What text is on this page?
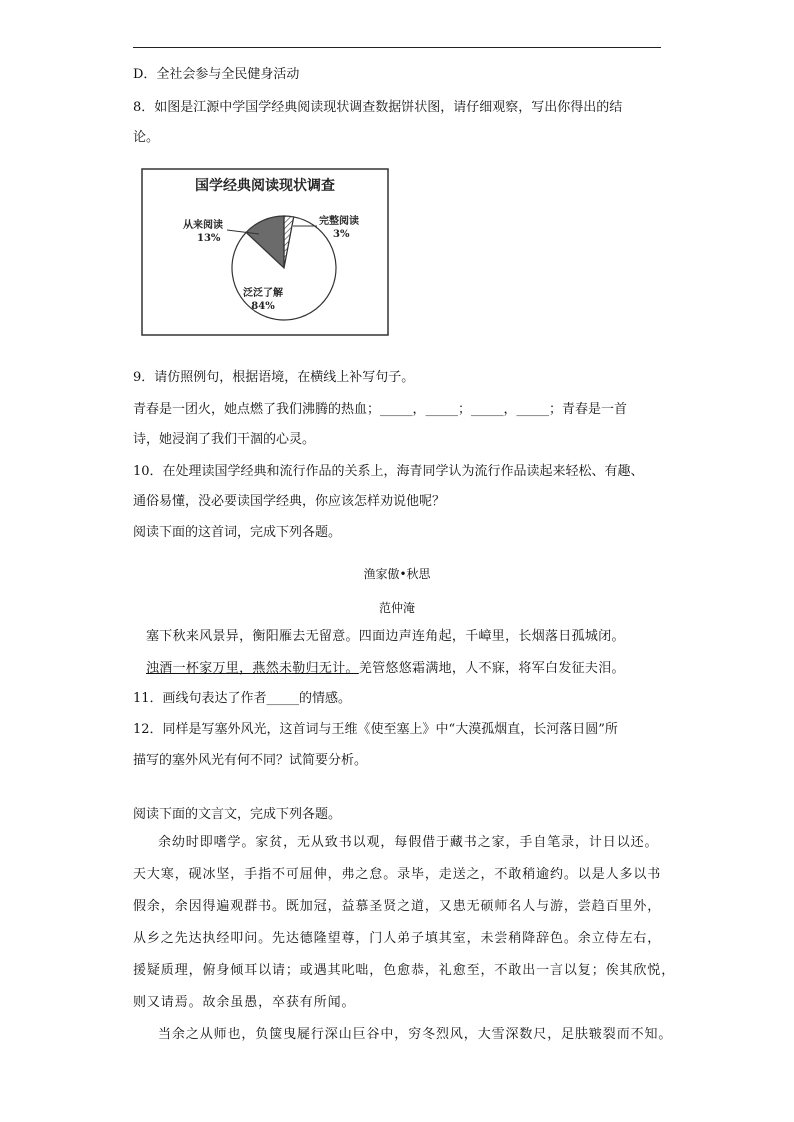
D．全社会参与全民健身活动
8．如图是江源中学国学经典阅读现状调查数据饼状图，请仔细观察，写出你得出的结
论。
国学经典阅读现状调查
泛泛了解
84%
从来阅读
13%
完整阅读
3%
9．请仿照例句，根据语境，在横线上补写句子。
青春是一团火，她点燃了我们沸腾的热血；_____，_____；_____，_____；青春是一首
诗，她浸润了我们干涸的心灵。
10．在处理读国学经典和流行作品的关系上，海青同学认为流行作品读起来轻松、有趣、
通俗易懂，没必要读国学经典，你应该怎样劝说他呢？
阅读下面的这首词，完成下列各题。
渔家傲•秋思
范仲淹
塞下秋来风景异，衡阳雁去无留意。四面边声连角起，千嶂里，长烟落日孤城闭。
浊酒一杯家万里，燕然未勒归无计。羌管悠悠霜满地，人不寐，将军白发征夫泪。
11．画线句表达了作者_____的情感。
12．同样是写塞外风光，这首词与王维《使至塞上》中“大漠孤烟直，长河落日圆”所
描写的塞外风光有何不同？试简要分析。
阅读下面的文言文，完成下列各题。
余幼时即嗜学。家贫，无从致书以观，每假借于藏书之家，手自笔录，计日以还。
天大寒，砚冰坚，手指不可屈伸，弗之怠。录毕，走送之，不敢稍逾约。以是人多以书
假余，余因得遍观群书。既加冠，益慕圣贤之道，又患无硕师名人与游，尝趋百里外，
从乡之先达执经叩问。先达德隆望尊，门人弟子填其室，未尝稍降辞色。余立侍左右，
援疑质理，俯身倾耳以请；或遇其叱咄，色愈恭，礼愈至，不敢出一言以复；俟其欣悦，
则又请焉。故余虽愚，卒获有所闻。
当余之从师也，负箧曳屣行深山巨谷中，穷冬烈风，大雪深数尺，足肤皲裂而不知。
